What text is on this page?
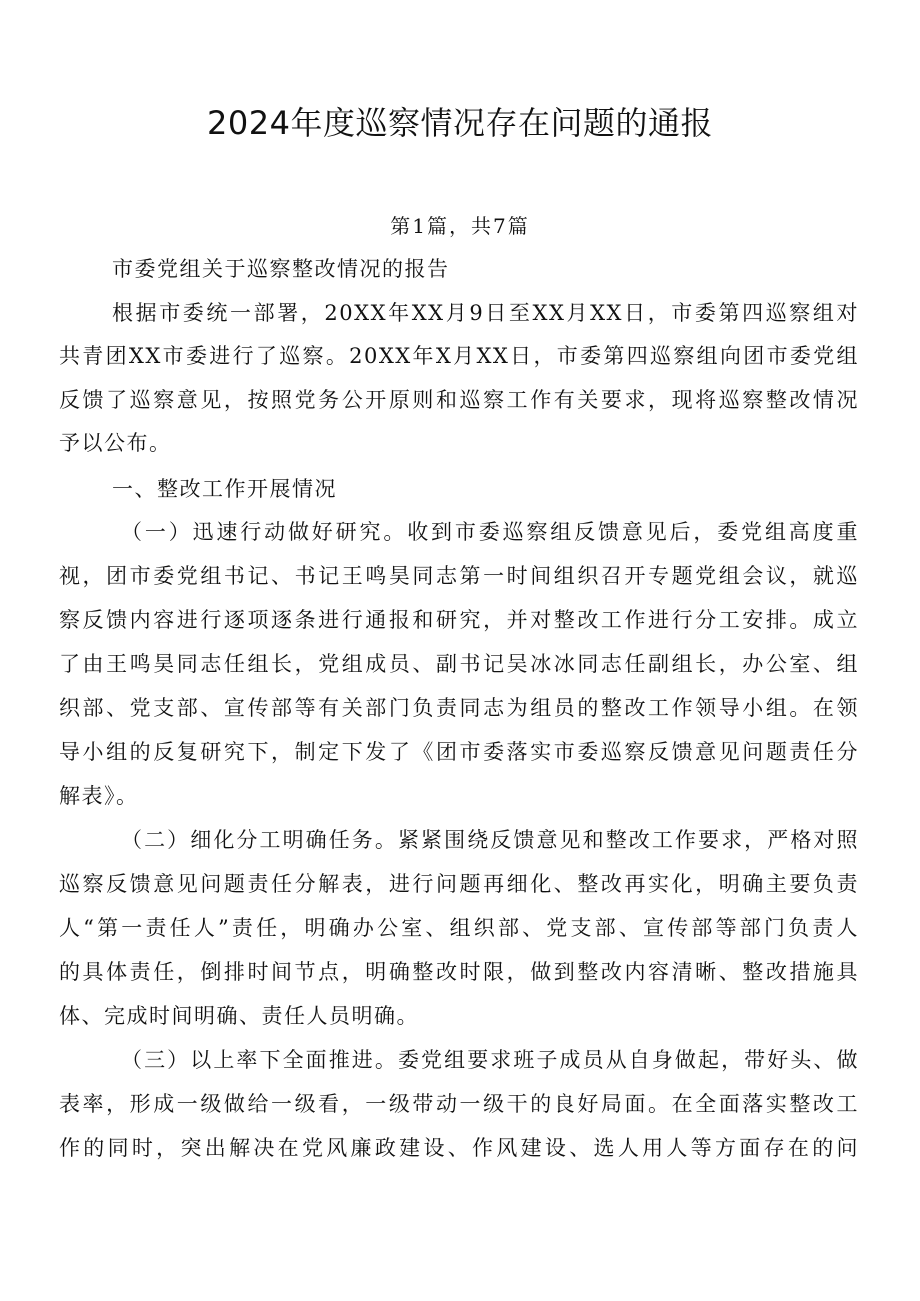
2024年度巡察情况存在问题的通报
第1篇，共7篇
市委党组关于巡察整改情况的报告
根据市委统一部署，20XX年XX月9日至XX月XX日，市委第四巡察组对
共青团XX市委进行了巡察。20XX年X月XX日，市委第四巡察组向团市委党组
反馈了巡察意见，按照党务公开原则和巡察工作有关要求，现将巡察整改情况
予以公布。
一、整改工作开展情况
（一）迅速行动做好研究。收到市委巡察组反馈意见后，委党组高度重
视，团市委党组书记、书记王鸣昊同志第一时间组织召开专题党组会议，就巡
察反馈内容进行逐项逐条进行通报和研究，并对整改工作进行分工安排。成立
了由王鸣昊同志任组长，党组成员、副书记吴冰冰同志任副组长，办公室、组
织部、党支部、宣传部等有关部门负责同志为组员的整改工作领导小组。在领
导小组的反复研究下，制定下发了《团市委落实市委巡察反馈意见问题责任分
解表》。
（二）细化分工明确任务。紧紧围绕反馈意见和整改工作要求，严格对照
巡察反馈意见问题责任分解表，进行问题再细化、整改再实化，明确主要负责
人“第一责任人”责任，明确办公室、组织部、党支部、宣传部等部门负责人
的具体责任，倒排时间节点，明确整改时限，做到整改内容清晰、整改措施具
体、完成时间明确、责任人员明确。
（三）以上率下全面推进。委党组要求班子成员从自身做起，带好头、做
表率，形成一级做给一级看，一级带动一级干的良好局面。在全面落实整改工
作的同时，突出解决在党风廉政建设、作风建设、选人用人等方面存在的问
